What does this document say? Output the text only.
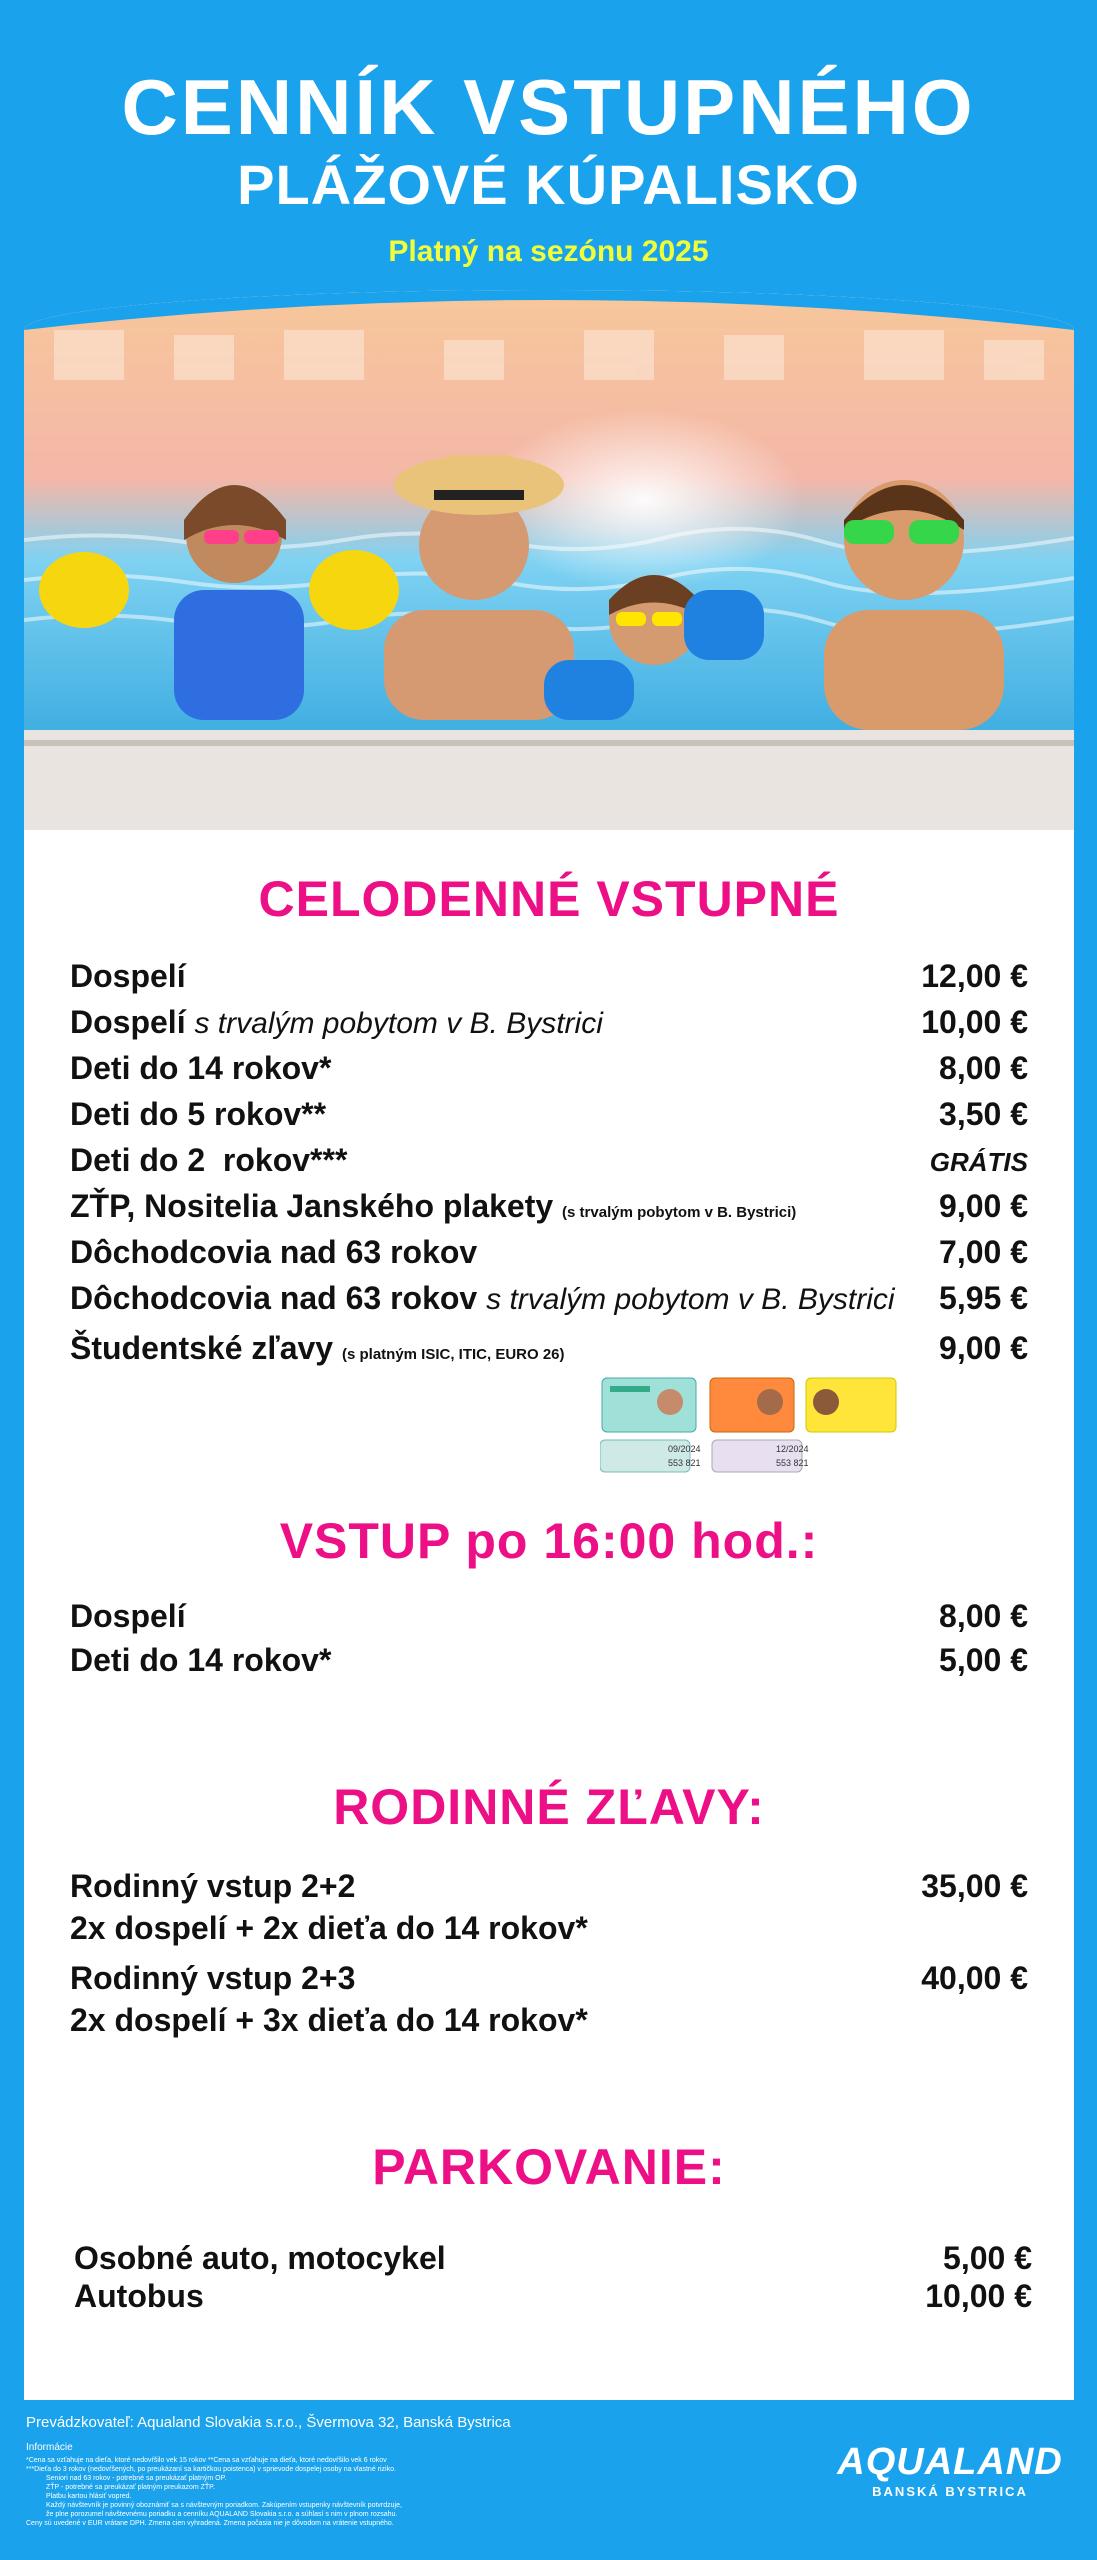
CENNÍK VSTUPNÉHO
PLÁŽOVÉ KÚPALISKO
Platný na sezónu 2025
CELODENNÉ VSTUPNÉ
Dospelí	12,00 €
Dospelí s trvalým pobytom v B. Bystrici	10,00 €
Deti do 14 rokov*	8,00 €
Deti do 5 rokov**	3,50 €
Deti do 2  rokov***	GRÁTIS
ZŤP, Nositelia Janského plakety (s trvalým pobytom v B. Bystrici)	9,00 €
Dôchodcovia nad 63 rokov	7,00 €
Dôchodcovia nad 63 rokov s trvalým pobytom v B. Bystrici 5,95 €
Študentské zľavy (s platným ISIC, ITIC, EURO 26)	9,00 €
09/2024
553 821
12/2024
553 821
VSTUP po 16:00 hod.:
Dospelí	8,00 €
Deti do 14 rokov*	5,00 €
RODINNÉ ZĽAVY:
Rodinný vstup 2+2	35,00 €
2x dospelí + 2x dieťa do 14 rokov*
Rodinný vstup 2+3	40,00 €
2x dospelí + 3x dieťa do 14 rokov*
PARKOVANIE:
Osobné auto, motocykel	5,00 €
Autobus	10,00 €
Prevádzkovateľ: Aqualand Slovakia s.r.o., Švermova 32, Banská Bystrica
Informácie
*Cena sa vzťahuje na dieťa, ktoré nedovŕšilo vek 15 rokov **Cena sa vzťahuje na dieťa, ktoré nedovŕšilo vek 6 rokov
***Dieťa do 3 rokov (nedovŕšených, po preukázaní sa kartičkou poistenca) v sprievode dospelej osoby na vlastné riziko.
Seniori nad 63 rokov - potrebné sa preukázať platným OP.
ZŤP - potrebné sa preukázať platným preukazom ZŤP.
Platbu kartou hlásiť vopred.
Každý návštevník je povinný oboznámiť sa s návštevným poriadkom. Zakúpením vstupenky návštevník potvrdzuje,
že plne porozumel návštevnému poriadku a cenníku AQUALAND Slovakia s.r.o. a súhlasí s nim v plnom rozsahu.
Ceny sú uvedené v EUR vrátane DPH. Zmena cien vyhradená. Zmena počasia nie je dôvodom na vrátenie vstupného.
AQUALAND
BANSKÁ BYSTRICA
